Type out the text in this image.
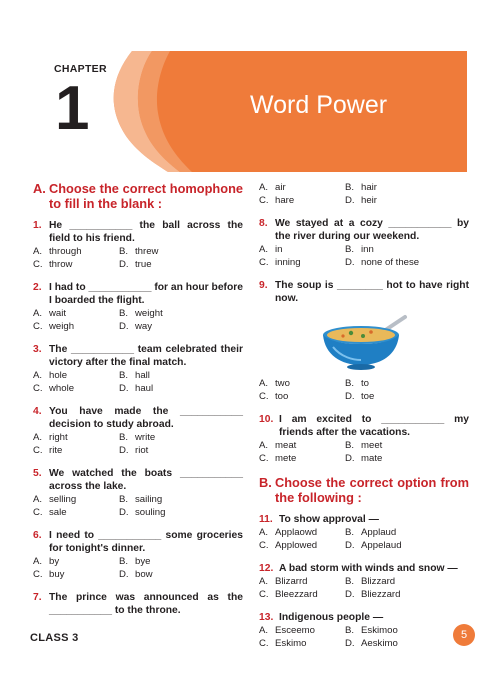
Word Power
CHAPTER
1
A. Choose the correct homophone to fill in the blank :
1. He ___________ the ball across the field to his friend.
A. through	B. threw
C. throw	D. true
2. I had to ___________ for an hour before I boarded the flight.
A. wait	B. weight
C. weigh	D. way
3. The ___________ team celebrated their victory after the final match.
A. hole	B. hall
C. whole	D. haul
4. You have made the ___________ decision to study abroad.
A. right	B. write
C. rite	D. riot
5. We watched the boats ___________ across the lake.
A. selling	B. sailing
C. sale	D. souling
6. I need to ___________ some groceries for tonight's dinner.
A. by	B. bye
C. buy	D. bow
7. The prince was announced as the ___________ to the throne.
A. air	B. hair
C. hare	D. heir
8. We stayed at a cozy ___________ by the river during our weekend.
A. in	B. inn
C. inning	D. none of these
9. The soup is ________ hot to have right now.
A. two	B. to
C. too	D. toe
10. I am excited to ___________ my friends after the vacations.
A. meat	B. meet
C. mete	D. mate
B. Choose the correct option from the following :
11. To show approval —
A. Applaowd	B. Applaud
C. Applowed	D. Appelaud
12. A bad storm with winds and snow —
A. Blizarrd	B. Blizzard
C. Bleezzard	D. Bliezzard
13. Indigenous people —
A. Esceemo	B. Eskimoo
C. Eskimo	D. Aeskimo
CLASS 3	5
